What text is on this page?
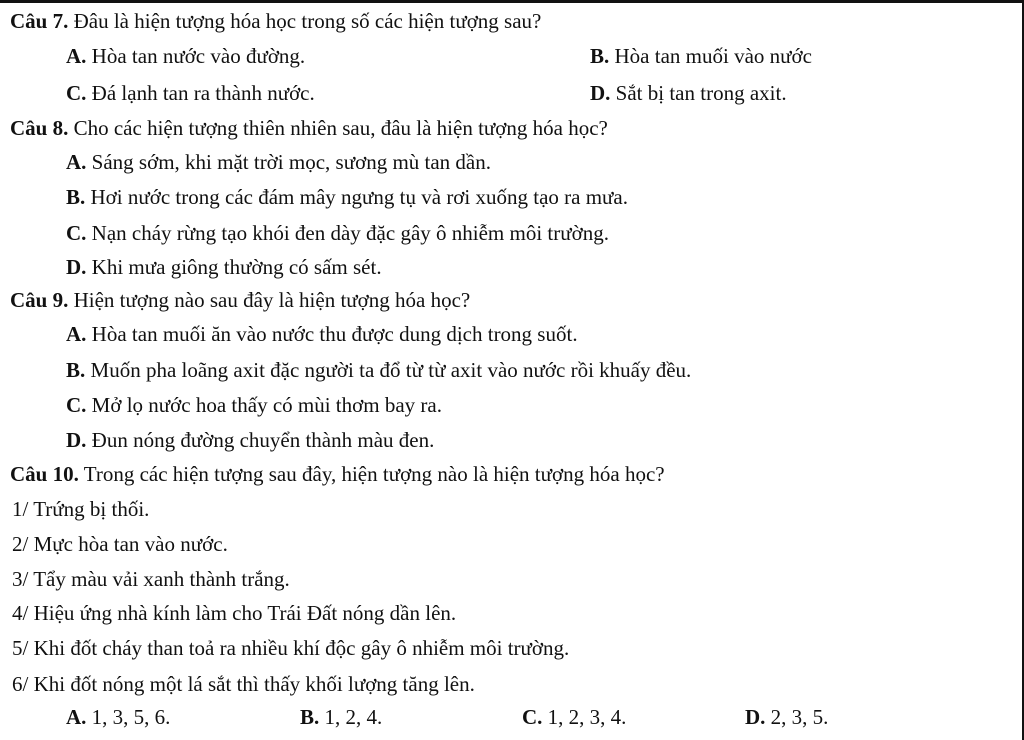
Câu 7. Đâu là hiện tượng hóa học trong số các hiện tượng sau?
A. Hòa tan nước vào đường.	B. Hòa tan muối vào nước
C. Đá lạnh tan ra thành nước.	D. Sắt bị tan trong axit.
Câu 8. Cho các hiện tượng thiên nhiên sau, đâu là hiện tượng hóa học?
A. Sáng sớm, khi mặt trời mọc, sương mù tan dần.
B. Hơi nước trong các đám mây ngưng tụ và rơi xuống tạo ra mưa.
C. Nạn cháy rừng tạo khói đen dày đặc gây ô nhiễm môi trường.
D. Khi mưa giông thường có sấm sét.
Câu 9. Hiện tượng nào sau đây là hiện tượng hóa học?
A. Hòa tan muối ăn vào nước thu được dung dịch trong suốt.
B. Muốn pha loãng axit đặc người ta đổ từ từ axit vào nước rồi khuấy đều.
C. Mở lọ nước hoa thấy có mùi thơm bay ra.
D. Đun nóng đường chuyển thành màu đen.
Câu 10. Trong các hiện tượng sau đây, hiện tượng nào là hiện tượng hóa học?
1/ Trứng bị thối.
2/ Mực hòa tan vào nước.
3/ Tẩy màu vải xanh thành trắng.
4/ Hiệu ứng nhà kính làm cho Trái Đất nóng dần lên.
5/ Khi đốt cháy than toả ra nhiều khí độc gây ô nhiễm môi trường.
6/ Khi đốt nóng một lá sắt thì thấy khối lượng tăng lên.
A. 1, 3, 5, 6.	B. 1, 2, 4.	C. 1, 2, 3, 4.	D. 2, 3, 5.
